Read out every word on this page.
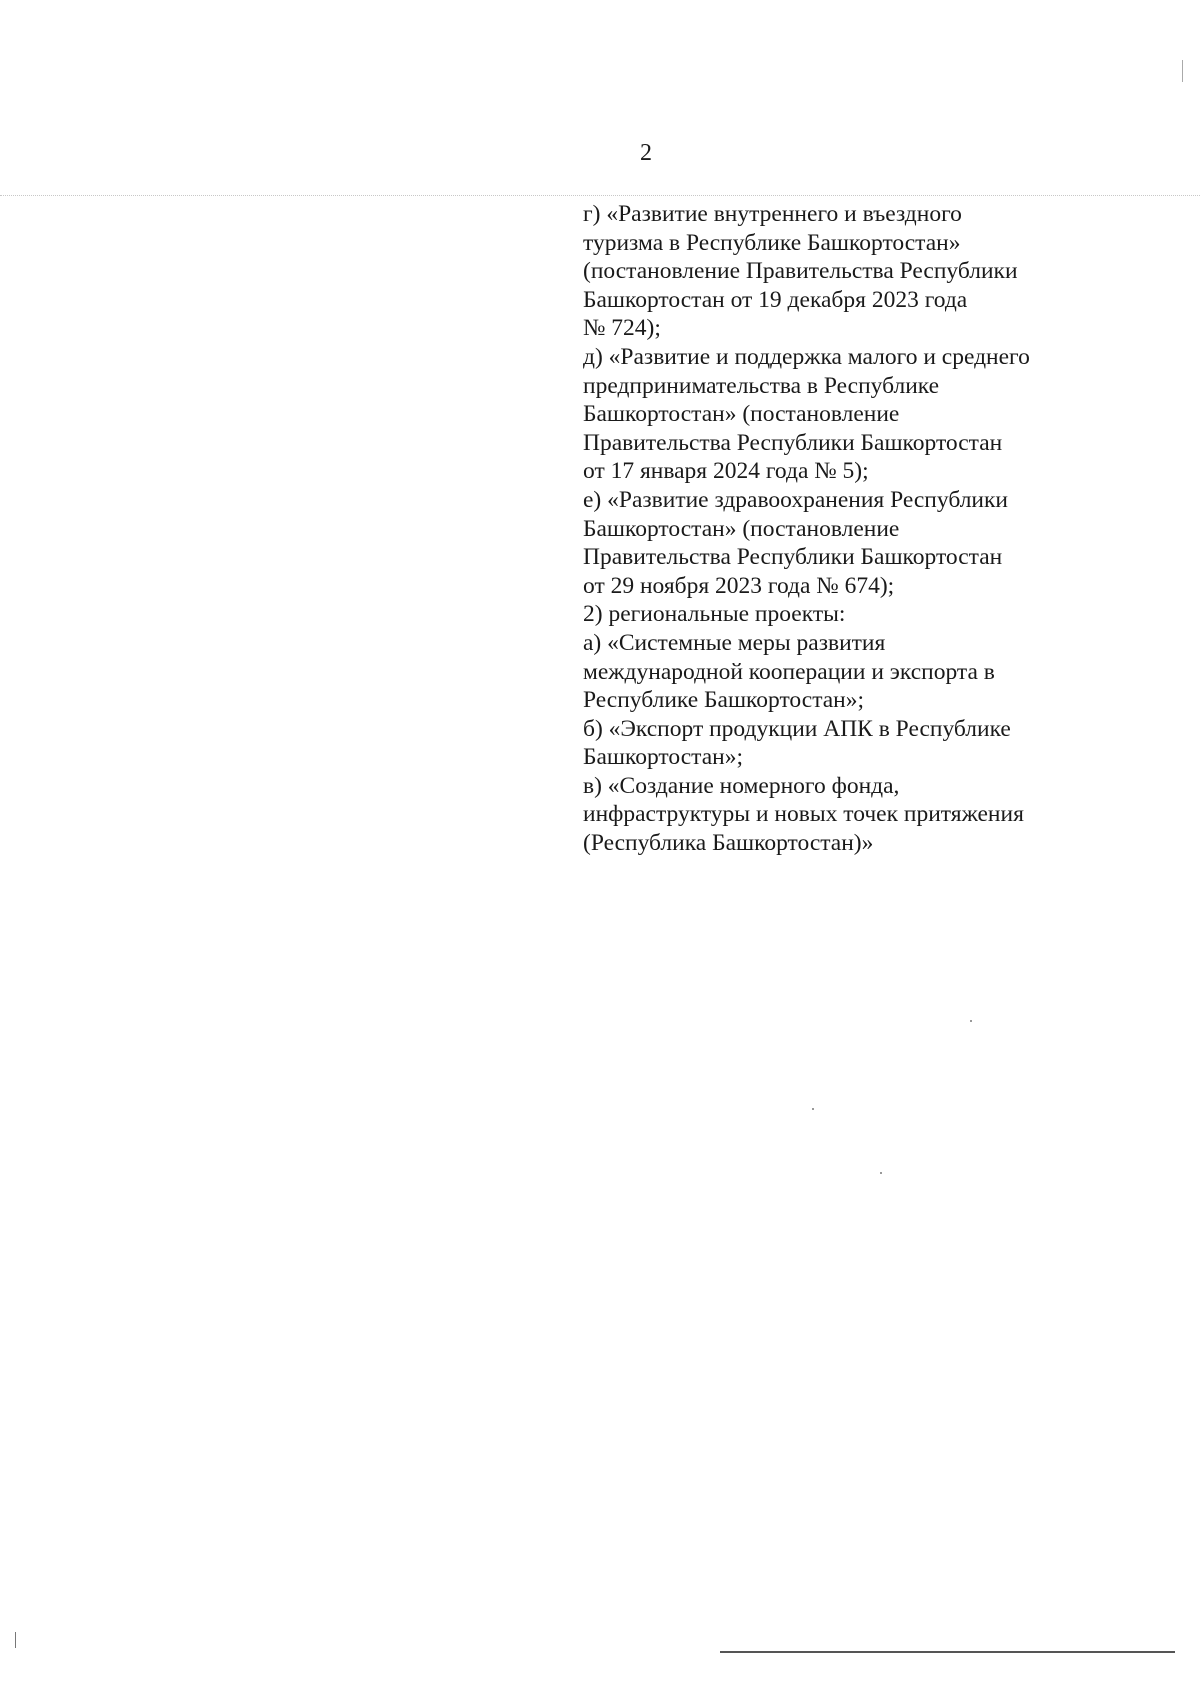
2

г) «Развитие внутреннего и въездного

туризма в Республике Башкортостан»

(постановление Правительства Республики

Башкортостан от 19 декабря 2023 года

№ 724);

д) «Развитие и поддержка малого и среднего

предпринимательства в Республике

Башкортостан» (постановление

Правительства Республики Башкортостан

от 17 января 2024 года № 5);

е) «Развитие здравоохранения Республики

Башкортостан» (постановление

Правительства Республики Башкортостан

от 29 ноября 2023 года № 674);

2) региональные проекты:

а) «Системные меры развития

международной кооперации и экспорта в

Республике Башкортостан»;

б) «Экспорт продукции АПК в Республике

Башкортостан»;

в) «Создание номерного фонда,

инфраструктуры и новых точек притяжения

(Республика Башкортостан)»
